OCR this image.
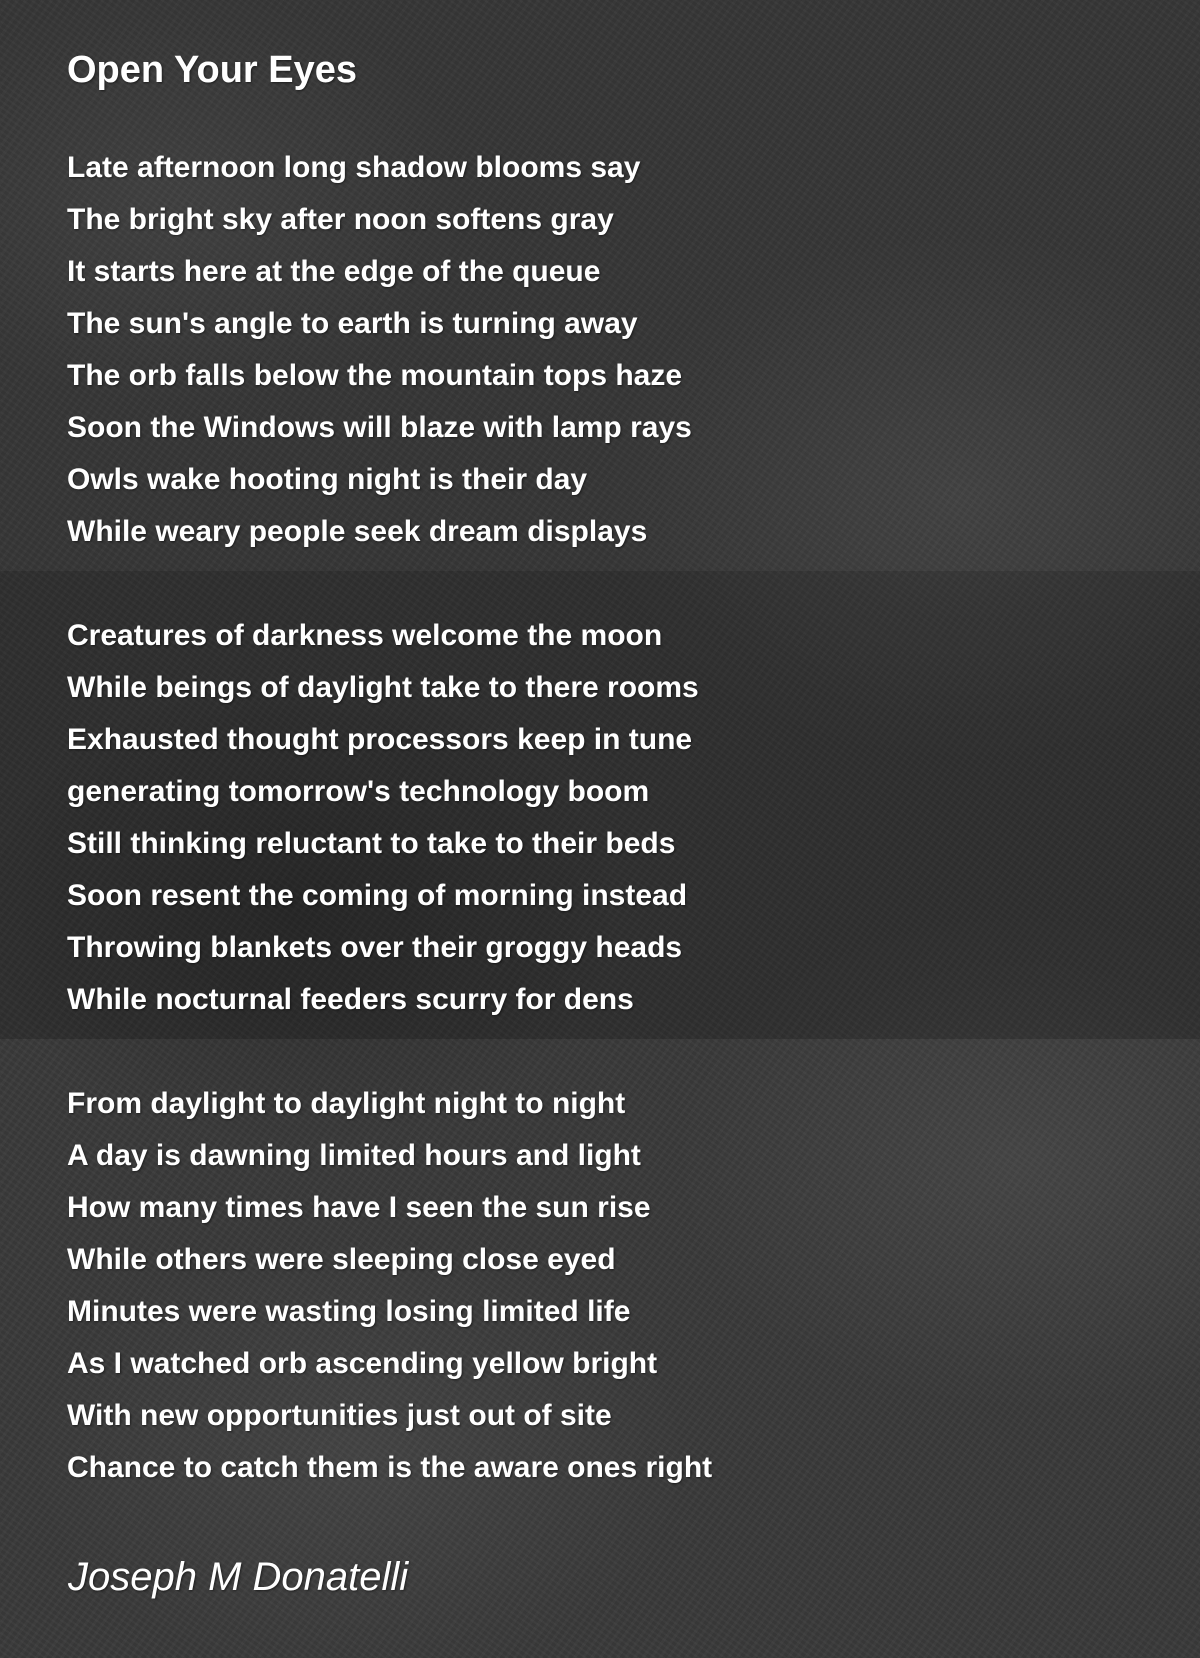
Open Your Eyes
Late afternoon long shadow blooms say
The bright sky after noon softens gray
It starts here at the edge of the queue
The sun's angle to earth is turning away
The orb falls below the mountain tops haze
Soon the Windows will blaze with lamp rays
Owls wake hooting night is their day
While weary people seek dream displays
Creatures of darkness welcome the moon
While beings of daylight take to there rooms
Exhausted thought processors keep in tune
generating tomorrow's technology boom
Still thinking reluctant to take to their beds
Soon resent the coming of morning instead
Throwing blankets over their groggy heads
While nocturnal feeders scurry for dens
From daylight to daylight night to night
A day is dawning limited hours and light
How many times have I seen the sun rise
While others were sleeping close eyed
Minutes were wasting losing limited life
As I watched orb ascending yellow bright
With new opportunities just out of site
Chance to catch them is the aware ones right

Joseph M Donatelli
